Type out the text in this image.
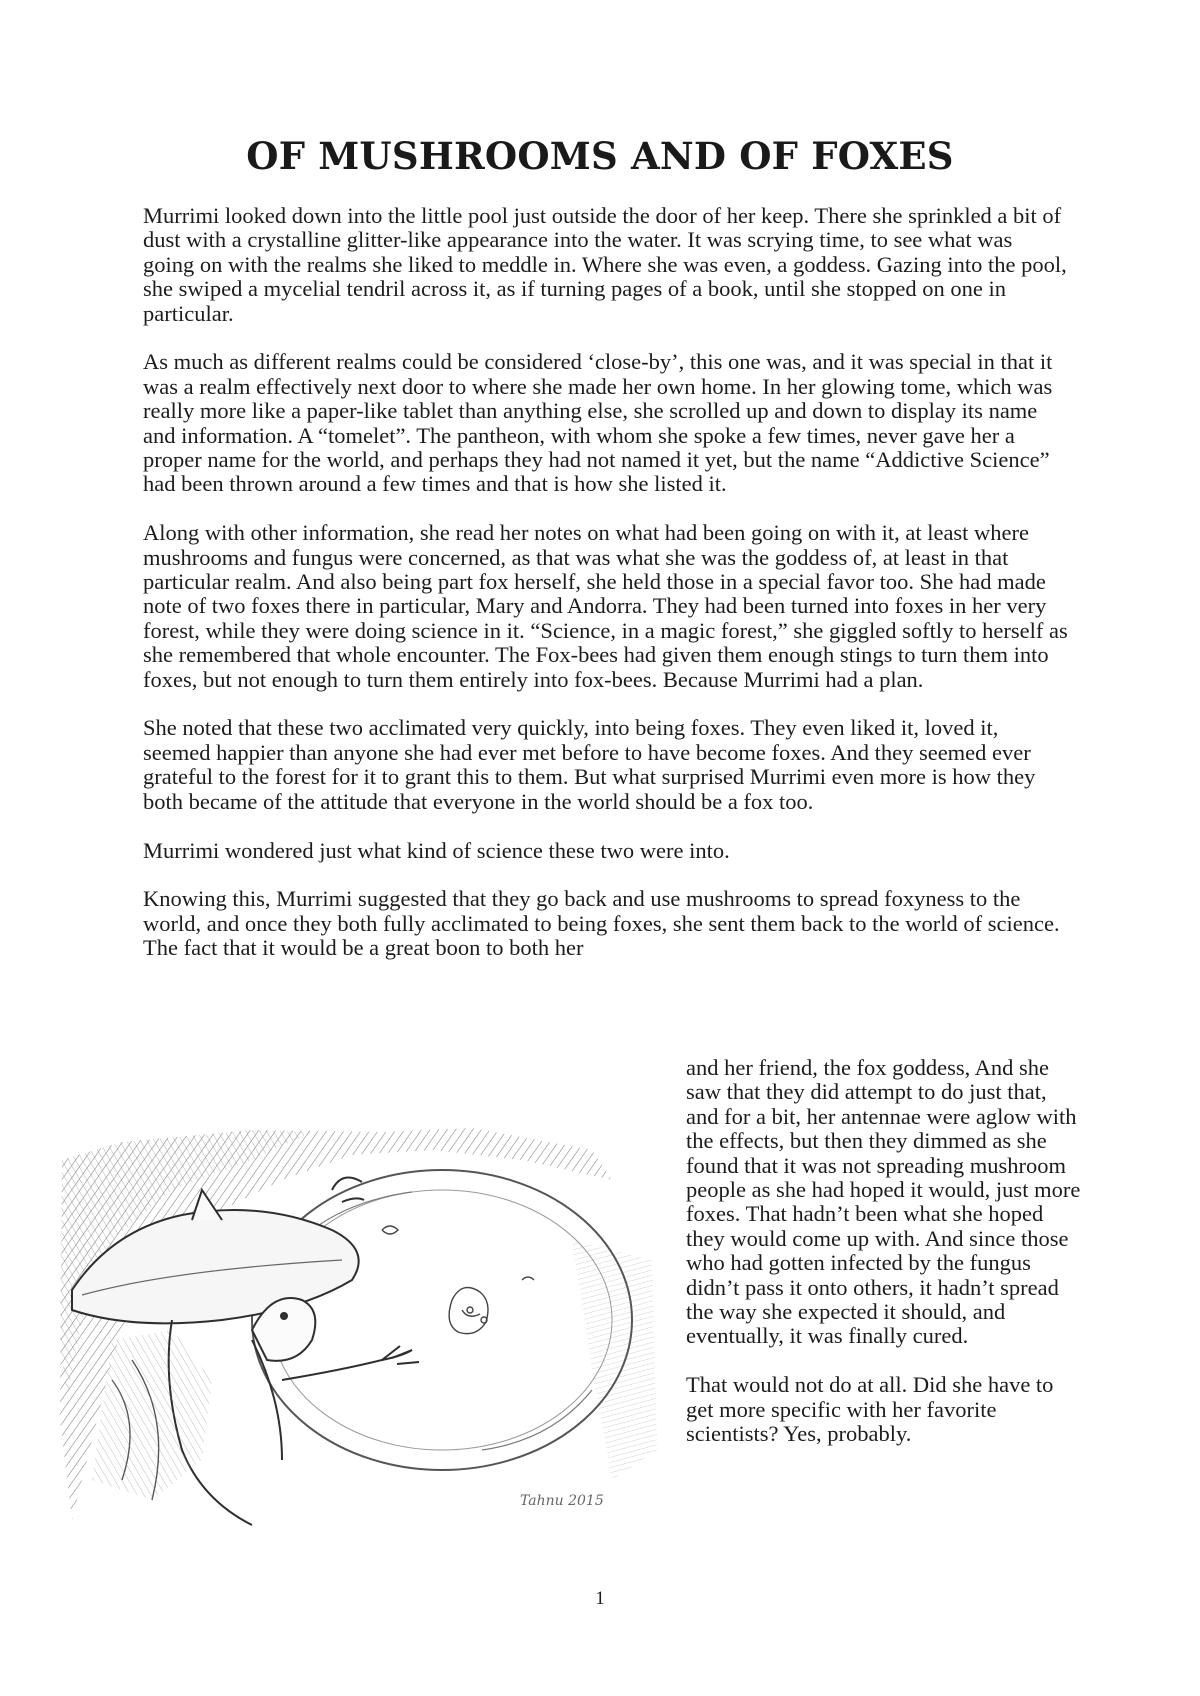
OF MUSHROOMS AND OF FOXES

Murrimi looked down into the little pool just outside the door of her keep. There she sprinkled a bit of dust with a crystalline glitter-like appearance into the water. It was scrying time, to see what was going on with the realms she liked to meddle in. Where she was even, a goddess. Gazing into the pool, she swiped a mycelial tendril across it, as if turning pages of a book, until she stopped on one in particular.

As much as different realms could be considered ‘close-by’, this one was, and it was special in that it was a realm effectively next door to where she made her own home. In her glowing tome, which was really more like a paper-like tablet than anything else, she scrolled up and down to display its name and information. A “tomelet”. The pantheon, with whom she spoke a few times, never gave her a proper name for the world, and perhaps they had not named it yet, but the name “Addictive Science” had been thrown around a few times and that is how she listed it.

Along with other information, she read her notes on what had been going on with it, at least where mushrooms and fungus were concerned, as that was what she was the goddess of, at least in that particular realm. And also being part fox herself, she held those in a special favor too. She had made note of two foxes there in particular, Mary and Andorra. They had been turned into foxes in her very forest, while they were doing science in it. “Science, in a magic forest,” she giggled softly to herself as she remembered that whole encounter. The Fox-bees had given them enough stings to turn them into foxes, but not enough to turn them entirely into fox-bees. Because Murrimi had a plan.

She noted that these two acclimated very quickly, into being foxes. They even liked it, loved it, seemed happier than anyone she had ever met before to have become foxes. And they seemed ever grateful to the forest for it to grant this to them. But what surprised Murrimi even more is how they both became of the attitude that everyone in the world should be a fox too.

Murrimi wondered just what kind of science these two were into.

Knowing this, Murrimi suggested that they go back and use mushrooms to spread foxyness to the world, and once they both fully acclimated to being foxes, she sent them back to the world of science. The fact that it would be a great boon to both her

and her friend, the fox goddess, And she saw that they did attempt to do just that, and for a bit, her antennae were aglow with the effects, but then they dimmed as she found that it was not spreading mushroom people as she had hoped it would, just more foxes. That hadn’t been what she hoped they would come up with. And since those who had gotten infected by the fungus didn’t pass it onto others, it hadn’t spread the way she expected it should, and eventually, it was finally cured.

That would not do at all. Did she have to get more specific with her favorite scientists? Yes, probably.

Tahnu 2015
1
